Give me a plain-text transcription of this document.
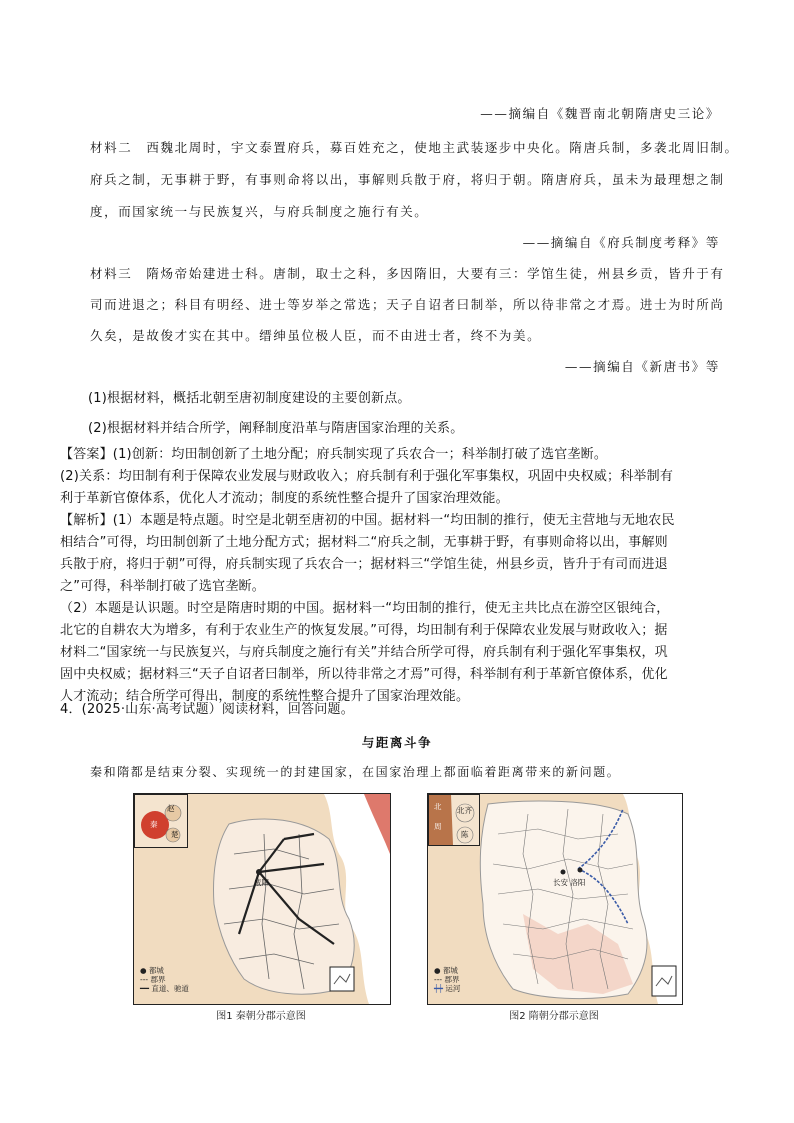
——摘编自《魏晋南北朝隋唐史三论》
材料二　西魏北周时，宇文泰置府兵，募百姓充之，使地主武装逐步中央化。隋唐兵制，多袭北周旧制。
府兵之制，无事耕于野，有事则命将以出，事解则兵散于府，将归于朝。隋唐府兵，虽未为最理想之制
度，而国家统一与民族复兴，与府兵制度之施行有关。
——摘编自《府兵制度考释》等
材料三　隋炀帝始建进士科。唐制，取士之科，多因隋旧，大要有三：学馆生徒，州县乡贡，皆升于有
司而进退之；科目有明经、进士等岁举之常选；天子自诏者曰制举，所以待非常之才焉。进士为时所尚
久矣，是故俊才实在其中。缙绅虽位极人臣，而不由进士者，终不为美。
——摘编自《新唐书》等
(1)根据材料，概括北朝至唐初制度建设的主要创新点。
(2)根据材料并结合所学，阐释制度沿革与隋唐国家治理的关系。
【答案】(1)创新：均田制创新了土地分配；府兵制实现了兵农合一；科举制打破了选官垄断。
(2)关系：均田制有利于保障农业发展与财政收入；府兵制有利于强化军事集权，巩固中央权威；科举制有
利于革新官僚体系，优化人才流动；制度的系统性整合提升了国家治理效能。
【解析】(1）本题是特点题。时空是北朝至唐初的中国。据材料一“均田制的推行，使无主营地与无地农民
相结合”可得，均田制创新了土地分配方式；据材料二“府兵之制，无事耕于野，有事则命将以出，事解则
兵散于府，将归于朝”可得，府兵制实现了兵农合一；据材料三“学馆生徒，州县乡贡，皆升于有司而进退
之”可得，科举制打破了选官垄断。
（2）本题是认识题。时空是隋唐时期的中国。据材料一“均田制的推行，使无主共比点在游空区银纯合，
北它的自耕农大为增多，有利于农业生产的恢复发展。”可得，均田制有利于保障农业发展与财政收入；据
材料二“国家统一与民族复兴，与府兵制度之施行有关”并结合所学可得，府兵制有利于强化军事集权，巩
固中央权威；据材料三“天子自诏者曰制举，所以待非常之才焉”可得，科举制有利于革新官僚体系，优化
人才流动；结合所学可得出，制度的系统性整合提升了国家治理效能。
4．(2025·山东·高考试题）阅读材料，回答问题。
与距离斗争
秦和隋都是结束分裂、实现统一的封建国家，在国家治理上都面临着距离带来的新问题。
赵
秦
楚
咸阳
● 都城
--- 郡界
━━ 直道、驰道
图1 秦朝分郡示意图
北 北齐
周
陈
长安 洛阳
● 都城
--- 郡界
┿┿ 运河
图2 隋朝分郡示意图
